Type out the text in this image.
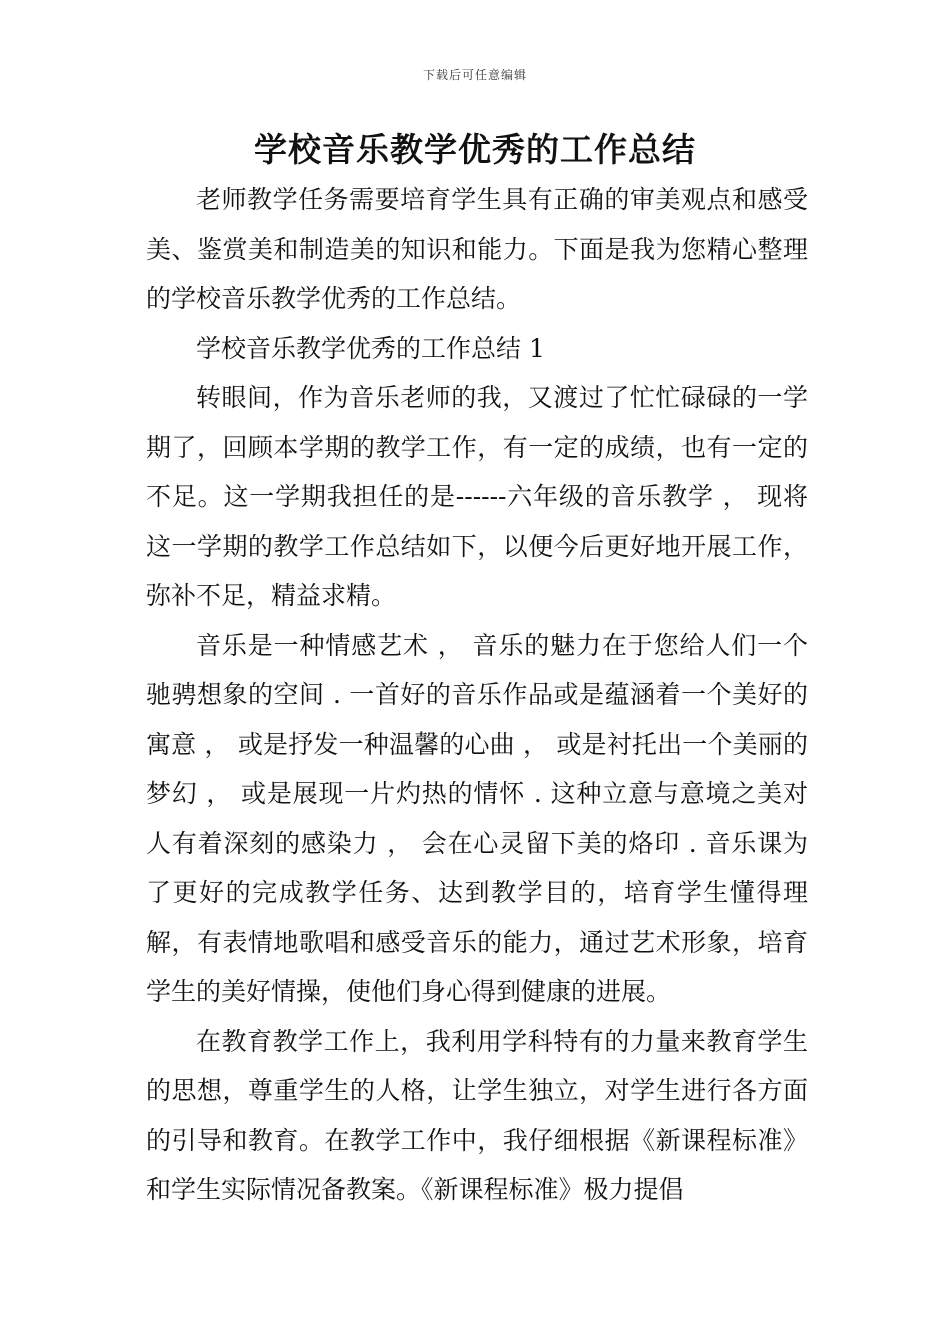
下载后可任意编辑
学校音乐教学优秀的工作总结

老师教学任务需要培育学生具有正确的审美观点和感受美、鉴赏美和制造美的知识和能力。下面是我为您精心整理的学校音乐教学优秀的工作总结。

学校音乐教学优秀的工作总结 1

转眼间，作为音乐老师的我，又渡过了忙忙碌碌的一学期了，回顾本学期的教学工作，有一定的成绩，也有一定的不足。这一学期我担任的是------六年级的音乐教学 ， 现将这一学期的教学工作总结如下，以便今后更好地开展工作，弥补不足，精益求精。

音乐是一种情感艺术 ， 音乐的魅力在于您给人们一个驰骋想象的空间 . 一首好的音乐作品或是蕴涵着一个美好的寓意 ， 或是抒发一种温馨的心曲 ， 或是衬托出一个美丽的梦幻 ， 或是展现一片灼热的情怀 . 这种立意与意境之美对人有着深刻的感染力 ， 会在心灵留下美的烙印 . 音乐课为了更好的完成教学任务、达到教学目的，培育学生懂得理解，有表情地歌唱和感受音乐的能力，通过艺术形象，培育学生的美好情操，使他们身心得到健康的进展。

在教育教学工作上，我利用学科特有的力量来教育学生的思想，尊重学生的人格，让学生独立，对学生进行各方面的引导和教育。在教学工作中，我仔细根据《新课程标准》和学生实际情况备教案。《新课程标准》极力提倡
